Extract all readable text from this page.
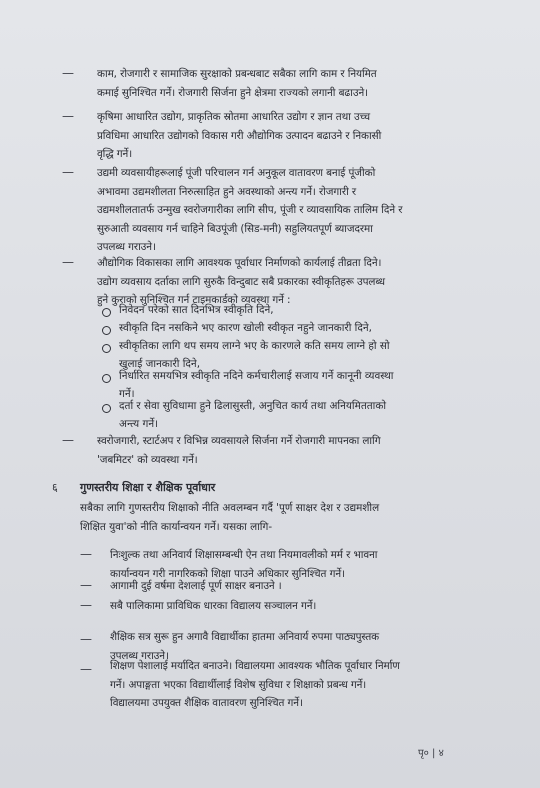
— काम, रोजगारी र सामाजिक सुरक्षाको प्रबन्धबाट सबैका लागि काम र नियमित
कमाई सुनिश्चित गर्ने। रोजगारी सिर्जना हुने क्षेत्रमा राज्यको लगानी बढाउने।
— कृषिमा आधारित उद्योग, प्राकृतिक स्रोतमा आधारित उद्योग र ज्ञान तथा उच्च
प्रविधिमा आधारित उद्योगको विकास गरी औद्योगिक उत्पादन बढाउने र निकासी
वृद्धि गर्ने।
— उद्यमी व्यवसायीहरूलाई पूंजी परिचालन गर्न अनुकूल वातावरण बनाई पूंजीको
अभावमा उद्यमशीलता निरुत्साहित हुने अवस्थाको अन्त्य गर्ने। रोजगारी र
उद्यमशीलतातर्फ उन्मुख स्वरोजगारीका लागि सीप, पूंजी र व्यावसायिक तालिम दिने र
सुरुआती व्यवसाय गर्न चाहिने बिउपूंजी (सिड-मनी) सहुलियतपूर्ण ब्याजदरमा
उपलब्ध गराउने।
— औद्योगिक विकासका लागि आवश्यक पूर्वाधार निर्माणको कार्यलाई तीव्रता दिने।
उद्योग व्यवसाय दर्ताका लागि सुरुकै विन्दुबाट सबै प्रकारका स्वीकृतिहरू उपलब्ध
हुने कुराको सुनिश्चित गर्न टाइमकार्डको व्यवस्था गर्ने :
निवेदन परेको सात दिनभित्र स्वीकृति दिने,
स्वीकृति दिन नसकिने भए कारण खोली स्वीकृत नहुने जानकारी दिने,
स्वीकृतिका लागि थप समय लाग्ने भए के कारणले कति समय लाग्ने हो सो
खुलाई जानकारी दिने,
निर्धारित समयभित्र स्वीकृति नदिने कर्मचारीलाई सजाय गर्ने कानूनी व्यवस्था
गर्ने।
दर्ता र सेवा सुविधामा हुने ढिलासुस्ती, अनुचित कार्य तथा अनियमितताको
अन्त्य गर्ने।
— स्वरोजगारी, स्टार्टअप र विभिन्न व्यवसायले सिर्जना गर्ने रोजगारी मापनका लागि
'जबमिटर' को व्यवस्था गर्ने।
६ गुणस्तरीय शिक्षा र शैक्षिक पूर्वाधार
सबैका लागि गुणस्तरीय शिक्षाको नीति अवलम्बन गर्दै 'पूर्ण साक्षर देश र उद्यमशील
शिक्षित युवा'को नीति कार्यान्वयन गर्ने। यसका लागि-
— निःशुल्क तथा अनिवार्य शिक्षासम्बन्धी ऐन तथा नियमावलीको मर्म र भावना
कार्यान्वयन गरी नागरिकको शिक्षा पाउने अधिकार सुनिश्चित गर्ने।
— आगामी दुई वर्षमा देशलाई पूर्ण साक्षर बनाउने ।
— सबै पालिकामा प्राविधिक धारका विद्यालय सञ्चालन गर्ने।
— शैक्षिक सत्र सुरू हुन अगावै विद्यार्थीका हातमा अनिवार्य रुपमा पाठ्यपुस्तक
उपलब्ध गराउने।
— शिक्षण पेशालाई मर्यादित बनाउने। विद्यालयमा आवश्यक भौतिक पूर्वाधार निर्माण
गर्ने। अपाङ्गता भएका विद्यार्थीलाई विशेष सुविधा र शिक्षाको प्रबन्ध गर्ने।
विद्यालयमा उपयुक्त शैक्षिक वातावरण सुनिश्चित गर्ने।
पृ० | ४
